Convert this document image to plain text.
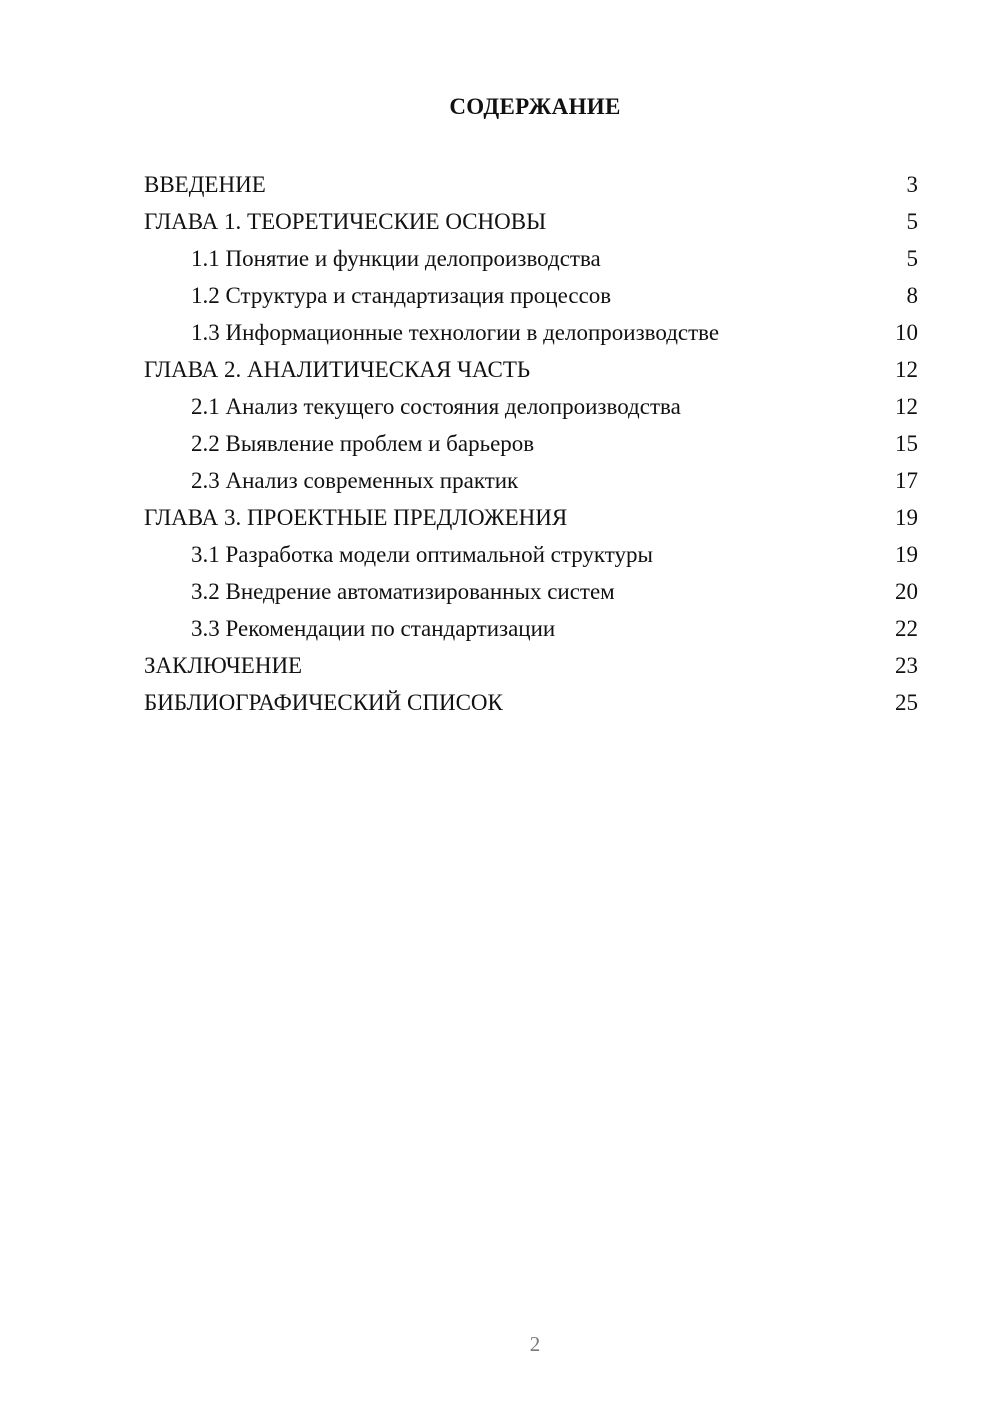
СОДЕРЖАНИЕ
ВВЕДЕНИЕ	3
ГЛАВА 1. ТЕОРЕТИЧЕСКИЕ ОСНОВЫ	5
1.1 Понятие и функции делопроизводства	5
1.2 Структура и стандартизация процессов	8
1.3 Информационные технологии в делопроизводстве	10
ГЛАВА 2. АНАЛИТИЧЕСКАЯ ЧАСТЬ	12
2.1 Анализ текущего состояния делопроизводства	12
2.2 Выявление проблем и барьеров	15
2.3 Анализ современных практик	17
ГЛАВА 3. ПРОЕКТНЫЕ ПРЕДЛОЖЕНИЯ	19
3.1 Разработка модели оптимальной структуры	19
3.2 Внедрение автоматизированных систем	20
3.3 Рекомендации по стандартизации	22
ЗАКЛЮЧЕНИЕ	23
БИБЛИОГРАФИЧЕСКИЙ СПИСОК	25
2
